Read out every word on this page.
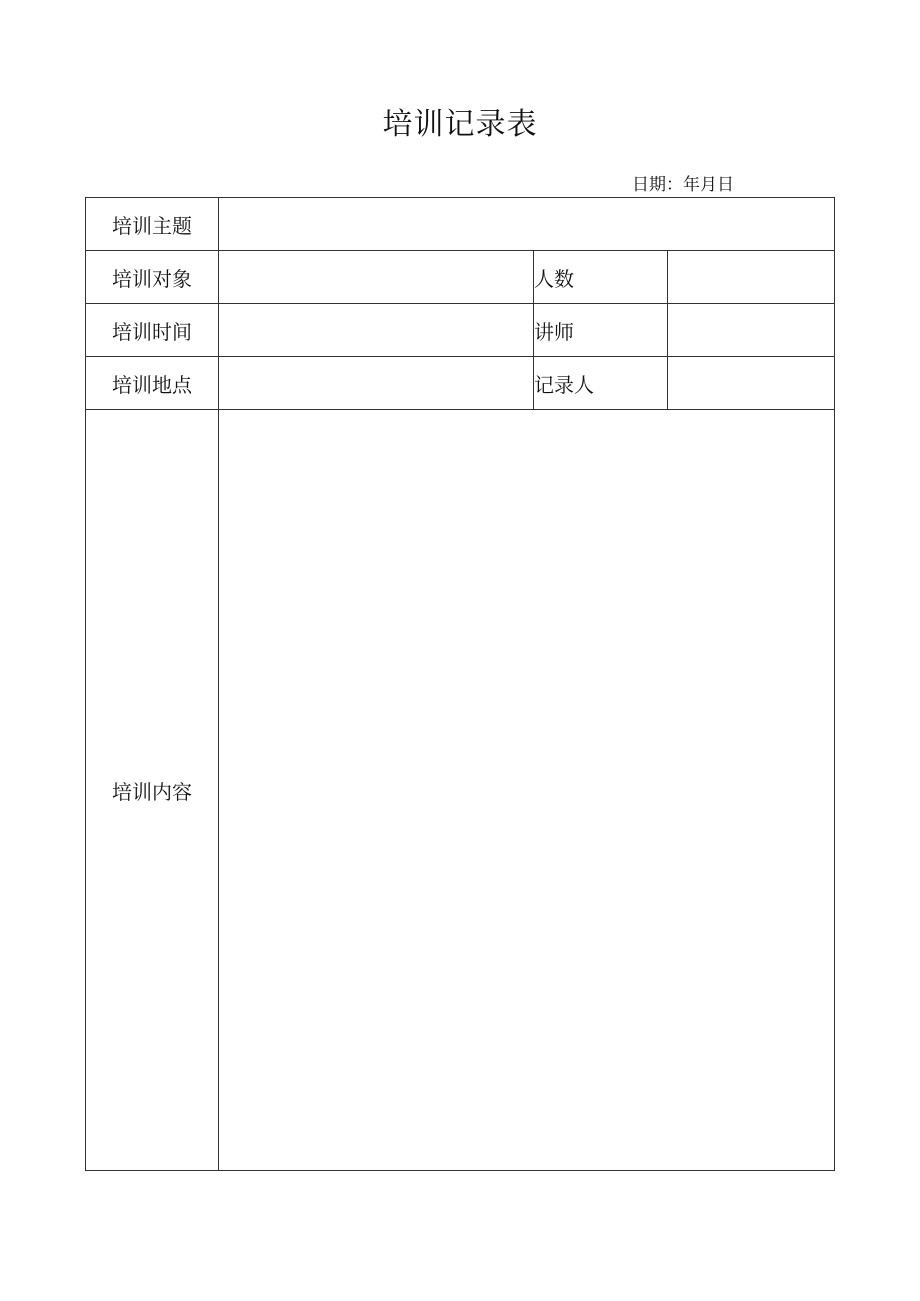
培训记录表
日期：年月日
培训主题			
培训对象		人数	
培训时间		讲师	
培训地点		记录人	
培训内容			
